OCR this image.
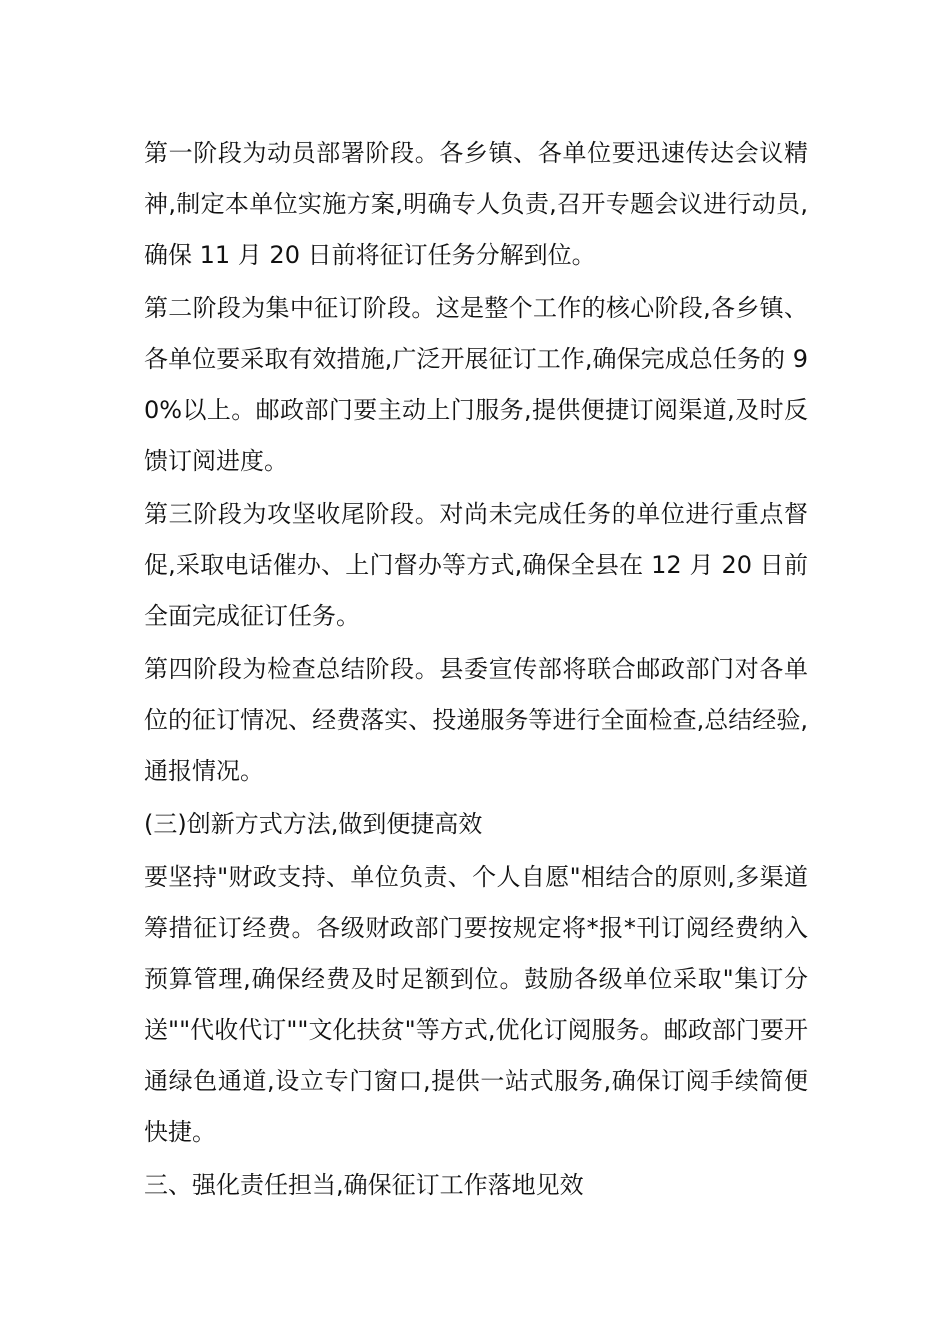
第一阶段为动员部署阶段。各乡镇、各单位要迅速传达会议精神,制定本单位实施方案,明确专人负责,召开专题会议进行动员,确保 11 月 20 日前将征订任务分解到位。

第二阶段为集中征订阶段。这是整个工作的核心阶段,各乡镇、各单位要采取有效措施,广泛开展征订工作,确保完成总任务的 90%以上。邮政部门要主动上门服务,提供便捷订阅渠道,及时反馈订阅进度。

第三阶段为攻坚收尾阶段。对尚未完成任务的单位进行重点督促,采取电话催办、上门督办等方式,确保全县在 12 月 20 日前全面完成征订任务。

第四阶段为检查总结阶段。县委宣传部将联合邮政部门对各单位的征订情况、经费落实、投递服务等进行全面检查,总结经验,通报情况。

(三)创新方式方法,做到便捷高效

要坚持"财政支持、单位负责、个人自愿"相结合的原则,多渠道筹措征订经费。各级财政部门要按规定将*报*刊订阅经费纳入预算管理,确保经费及时足额到位。鼓励各级单位采取"集订分送""代收代订""文化扶贫"等方式,优化订阅服务。邮政部门要开通绿色通道,设立专门窗口,提供一站式服务,确保订阅手续简便快捷。

三、强化责任担当,确保征订工作落地见效
